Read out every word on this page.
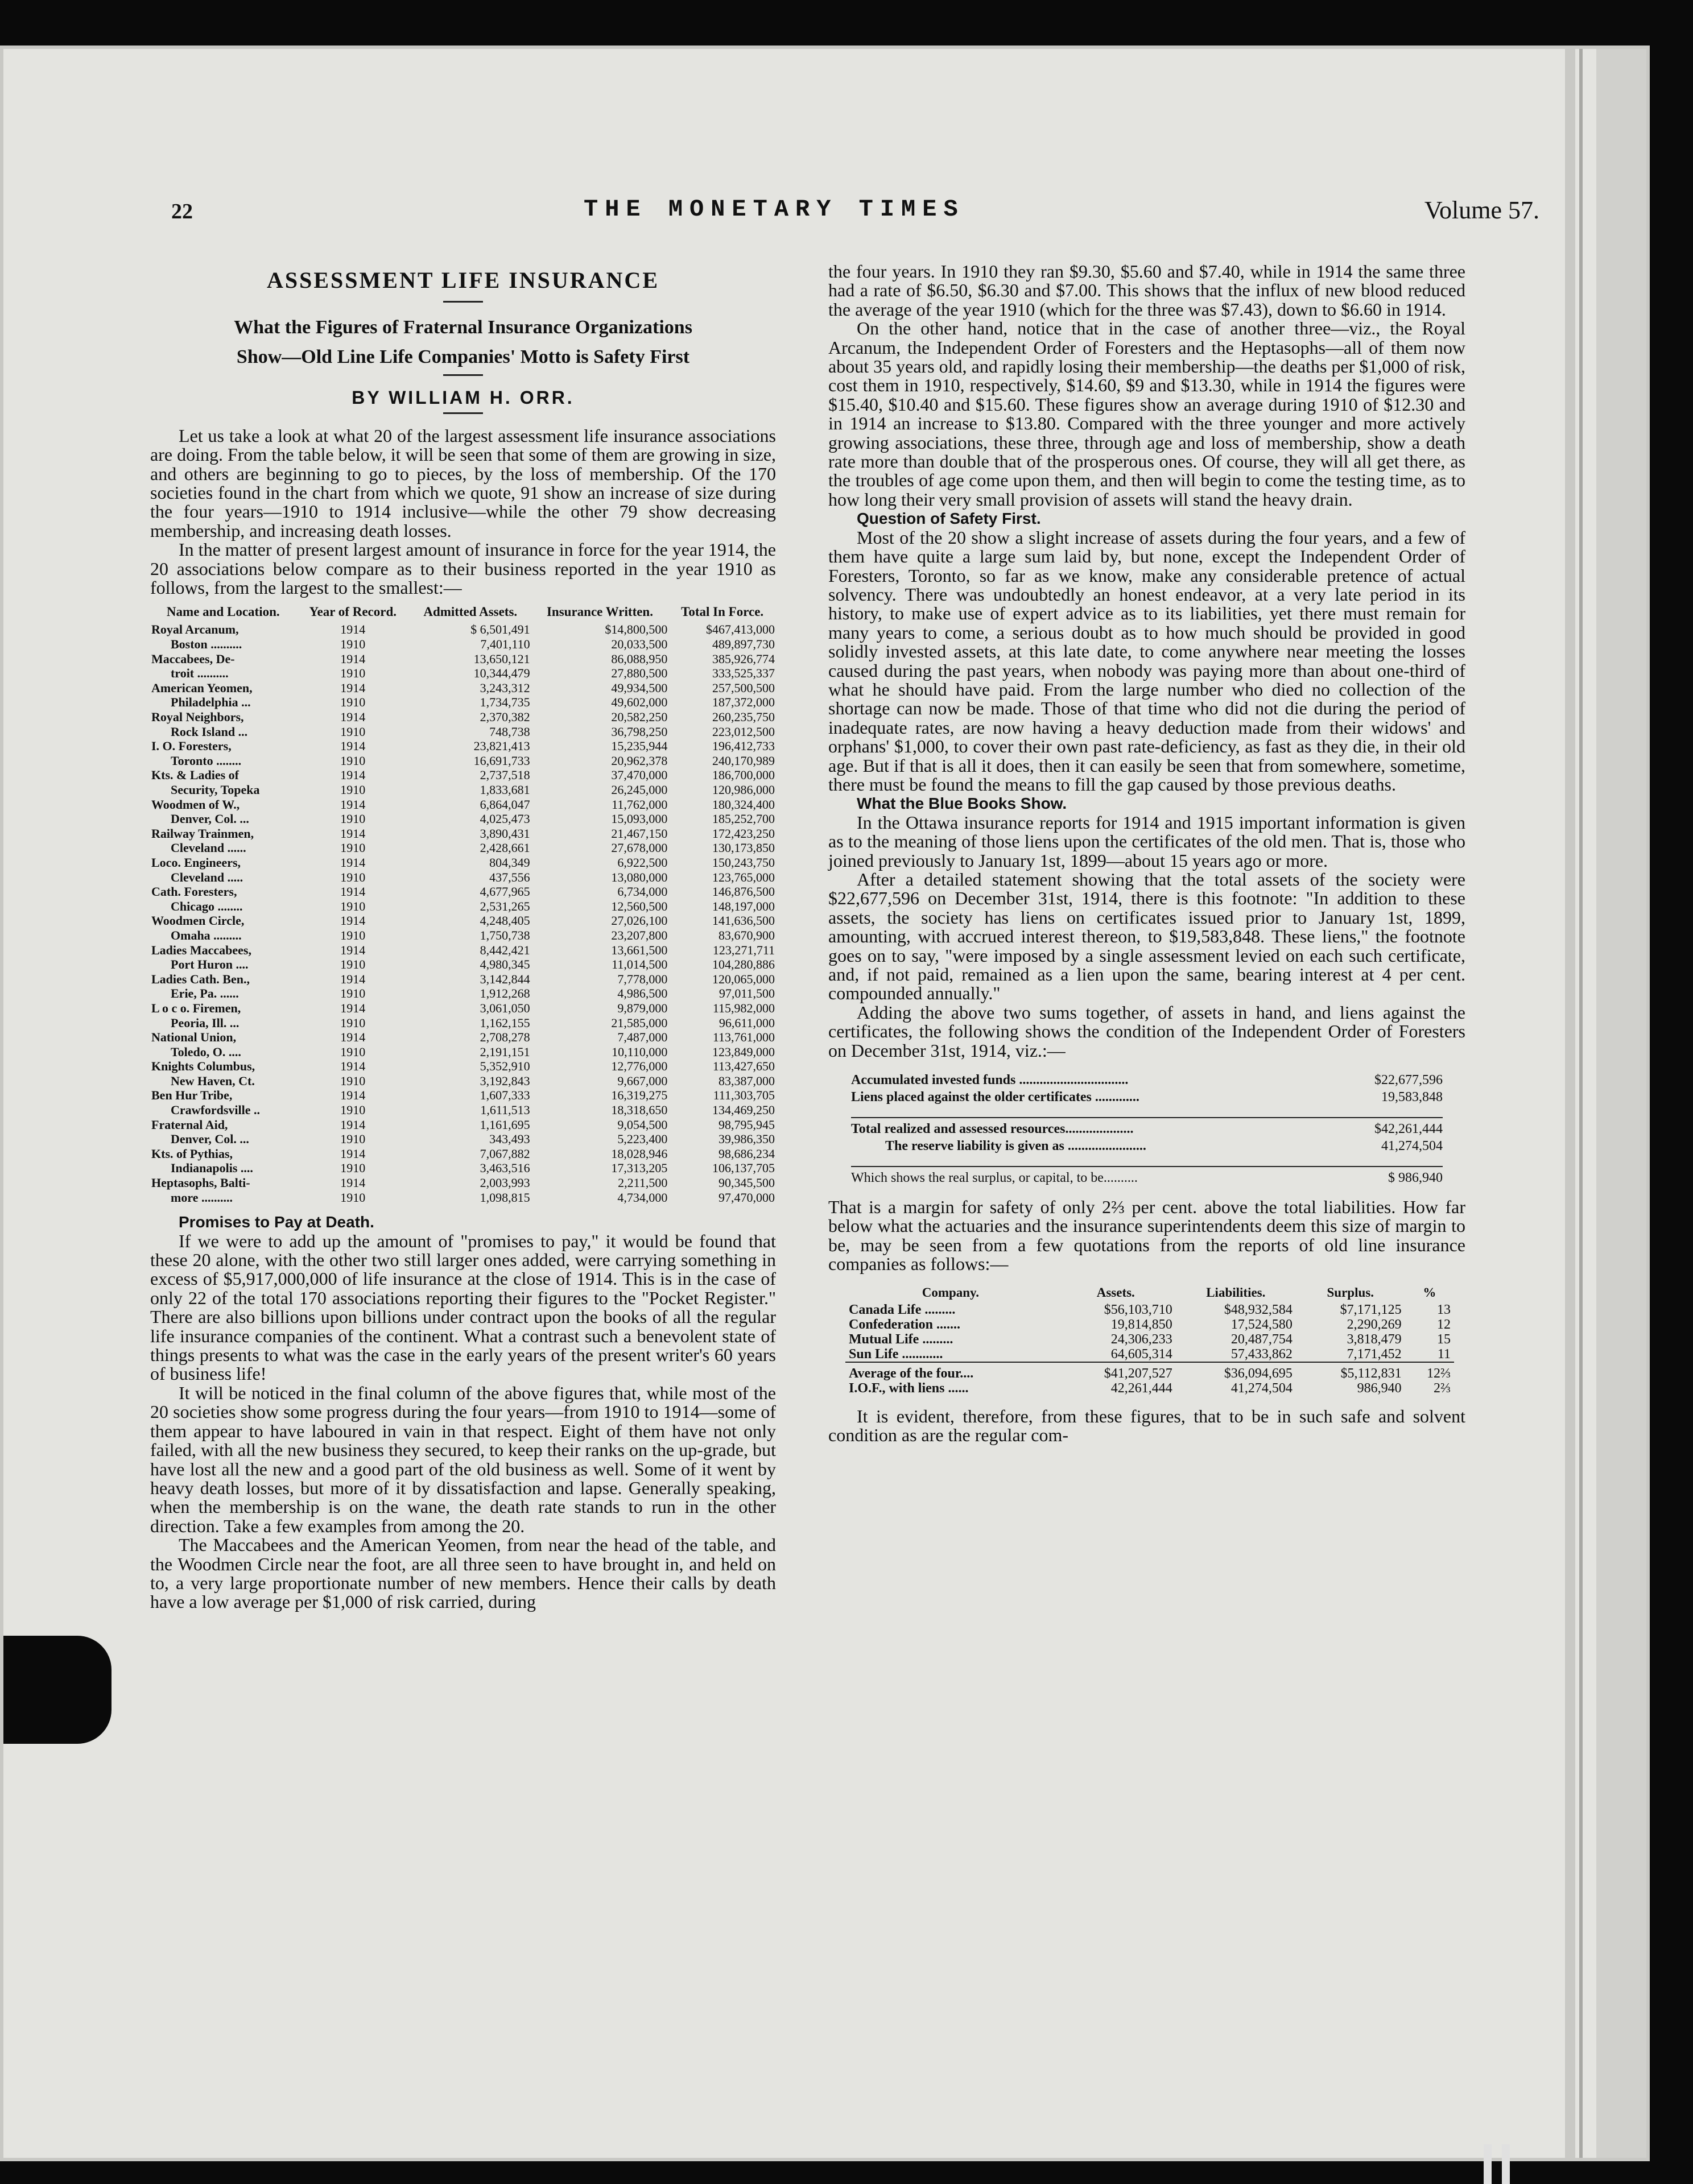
22	THE MONETARY TIMES	Volume 57.
ASSESSMENT LIFE INSURANCE
What the Figures of Fraternal Insurance Organizations
Show—Old Line Life Companies' Motto is Safety First
BY WILLIAM H. ORR.

Let us take a look at what 20 of the largest assessment life insurance associations are doing. From the table below, it will be seen that some of them are growing in size, and others are beginning to go to pieces, by the loss of membership. Of the 170 societies found in the chart from which we quote, 91 show an increase of size during the four years—1910 to 1914 inclusive—while the other 79 show decreasing membership, and increasing death losses.

In the matter of present largest amount of insurance in force for the year 1914, the 20 associations below compare as to their business reported in the year 1910 as follows, from the largest to the smallest:—

Name and Location.	Year of Record.	Admitted Assets.	Insurance Written.	Total In Force.
Royal Arcanum,	1914	$ 6,501,491	$14,800,500	$467,413,000
Boston ..........	1910	7,401,110	20,033,500	489,897,730
Maccabees, De-	1914	13,650,121	86,088,950	385,926,774
troit ..........	1910	10,344,479	27,880,500	333,525,337
American Yeomen,	1914	3,243,312	49,934,500	257,500,500
Philadelphia ...	1910	1,734,735	49,602,000	187,372,000
Royal Neighbors,	1914	2,370,382	20,582,250	260,235,750
Rock Island ...	1910	748,738	36,798,250	223,012,500
I. O. Foresters,	1914	23,821,413	15,235,944	196,412,733
Toronto ........	1910	16,691,733	20,962,378	240,170,989
Kts. & Ladies of	1914	2,737,518	37,470,000	186,700,000
Security, Topeka	1910	1,833,681	26,245,000	120,986,000
Woodmen of W.,	1914	6,864,047	11,762,000	180,324,400
Denver, Col. ...	1910	4,025,473	15,093,000	185,252,700
Railway Trainmen,	1914	3,890,431	21,467,150	172,423,250
Cleveland ......	1910	2,428,661	27,678,000	130,173,850
Loco. Engineers,	1914	804,349	6,922,500	150,243,750
Cleveland .....	1910	437,556	13,080,000	123,765,000
Cath. Foresters,	1914	4,677,965	6,734,000	146,876,500
Chicago ........	1910	2,531,265	12,560,500	148,197,000
Woodmen Circle,	1914	4,248,405	27,026,100	141,636,500
Omaha .........	1910	1,750,738	23,207,800	83,670,900
Ladies Maccabees,	1914	8,442,421	13,661,500	123,271,711
Port Huron ....	1910	4,980,345	11,014,500	104,280,886
Ladies Cath. Ben.,	1914	3,142,844	7,778,000	120,065,000
Erie, Pa. ......	1910	1,912,268	4,986,500	97,011,500
L o c o. Firemen,	1914	3,061,050	9,879,000	115,982,000
Peoria, Ill. ...	1910	1,162,155	21,585,000	96,611,000
National Union,	1914	2,708,278	7,487,000	113,761,000
Toledo, O. ....	1910	2,191,151	10,110,000	123,849,000
Knights Columbus,	1914	5,352,910	12,776,000	113,427,650
New Haven, Ct.	1910	3,192,843	9,667,000	83,387,000
Ben Hur Tribe,	1914	1,607,333	16,319,275	111,303,705
Crawfordsville ..	1910	1,611,513	18,318,650	134,469,250
Fraternal Aid,	1914	1,161,695	9,054,500	98,795,945
Denver, Col. ...	1910	343,493	5,223,400	39,986,350
Kts. of Pythias,	1914	7,067,882	18,028,946	98,686,234
Indianapolis ....	1910	3,463,516	17,313,205	106,137,705
Heptasophs, Balti-	1914	2,003,993	2,211,500	90,345,500
more ..........	1910	1,098,815	4,734,000	97,470,000

Promises to Pay at Death.

If we were to add up the amount of "promises to pay," it would be found that these 20 alone, with the other two still larger ones added, were carrying something in excess of $5,917,000,000 of life insurance at the close of 1914. This is in the case of only 22 of the total 170 associations reporting their figures to the "Pocket Register." There are also billions upon billions under contract upon the books of all the regular life insurance companies of the continent. What a contrast such a benevolent state of things presents to what was the case in the early years of the present writer's 60 years of business life!

It will be noticed in the final column of the above figures that, while most of the 20 societies show some progress during the four years—from 1910 to 1914—some of them appear to have laboured in vain in that respect. Eight of them have not only failed, with all the new business they secured, to keep their ranks on the up-grade, but have lost all the new and a good part of the old business as well. Some of it went by heavy death losses, but more of it by dissatisfaction and lapse. Generally speaking, when the membership is on the wane, the death rate stands to run in the other direction. Take a few examples from among the 20.

The Maccabees and the American Yeomen, from near the head of the table, and the Woodmen Circle near the foot, are all three seen to have brought in, and held on to, a very large proportionate number of new members. Hence their calls by death have a low average per $1,000 of risk carried, during

the four years. In 1910 they ran $9.30, $5.60 and $7.40, while in 1914 the same three had a rate of $6.50, $6.30 and $7.00. This shows that the influx of new blood reduced the average of the year 1910 (which for the three was $7.43), down to $6.60 in 1914.

On the other hand, notice that in the case of another three—viz., the Royal Arcanum, the Independent Order of Foresters and the Heptasophs—all of them now about 35 years old, and rapidly losing their membership—the deaths per $1,000 of risk, cost them in 1910, respectively, $14.60, $9 and $13.30, while in 1914 the figures were $15.40, $10.40 and $15.60. These figures show an average during 1910 of $12.30 and in 1914 an increase to $13.80. Compared with the three younger and more actively growing associations, these three, through age and loss of membership, show a death rate more than double that of the prosperous ones. Of course, they will all get there, as the troubles of age come upon them, and then will begin to come the testing time, as to how long their very small provision of assets will stand the heavy drain.

Question of Safety First.

Most of the 20 show a slight increase of assets during the four years, and a few of them have quite a large sum laid by, but none, except the Independent Order of Foresters, Toronto, so far as we know, make any considerable pretence of actual solvency. There was undoubtedly an honest endeavor, at a very late period in its history, to make use of expert advice as to its liabilities, yet there must remain for many years to come, a serious doubt as to how much should be provided in good solidly invested assets, at this late date, to come anywhere near meeting the losses caused during the past years, when nobody was paying more than about one-third of what he should have paid. From the large number who died no collection of the shortage can now be made. Those of that time who did not die during the period of inadequate rates, are now having a heavy deduction made from their widows' and orphans' $1,000, to cover their own past rate-deficiency, as fast as they die, in their old age. But if that is all it does, then it can easily be seen that from somewhere, sometime, there must be found the means to fill the gap caused by those previous deaths.

What the Blue Books Show.

In the Ottawa insurance reports for 1914 and 1915 important information is given as to the meaning of those liens upon the certificates of the old men. That is, those who joined previously to January 1st, 1899—about 15 years ago or more.

After a detailed statement showing that the total assets of the society were $22,677,596 on December 31st, 1914, there is this footnote: "In addition to these assets, the society has liens on certificates issued prior to January 1st, 1899, amounting, with accrued interest thereon, to $19,583,848. These liens," the footnote goes on to say, "were imposed by a single assessment levied on each such certificate, and, if not paid, remained as a lien upon the same, bearing interest at 4 per cent. compounded annually."

Adding the above two sums together, of assets in hand, and liens against the certificates, the following shows the condition of the Independent Order of Foresters on December 31st, 1914, viz.:—

Accumulated invested funds ................................	$22,677,596
Liens placed against the older certificates .............	19,583,848
Total realized and assessed resources....................	$42,261,444
The reserve liability is given as .......................	41,274,504
Which shows the real surplus, or capital, to be..........	$ 986,940

That is a margin for safety of only 2⅔ per cent. above the total liabilities. How far below what the actuaries and the insurance superintendents deem this size of margin to be, may be seen from a few quotations from the reports of old line insurance companies as follows:—

Company.	Assets.	Liabilities.	Surplus.	%
Canada Life .........	$56,103,710	$48,932,584	$7,171,125	13
Confederation .......	19,814,850	17,524,580	2,290,269	12
Mutual Life .........	24,306,233	20,487,754	3,818,479	15
Sun Life ............	64,605,314	57,433,862	7,171,452	11
Average of the four....	$41,207,527	$36,094,695	$5,112,831	12⅔
I.O.F., with liens ......	42,261,444	41,274,504	986,940	2⅔

It is evident, therefore, from these figures, that to be in such safe and solvent condition as are the regular com-
